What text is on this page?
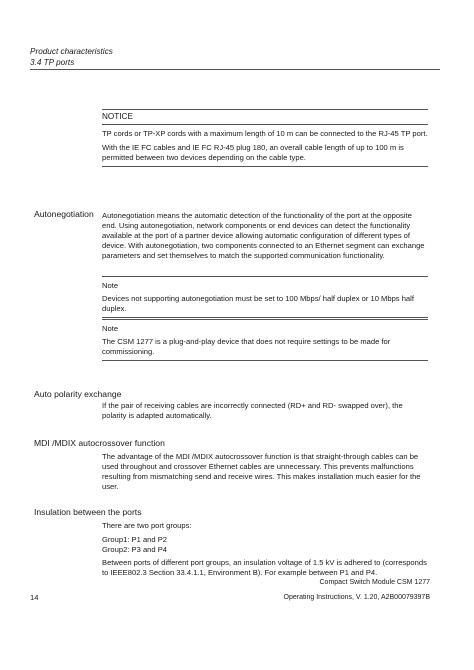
Product characteristics
3.4 TP ports
NOTICE

TP cords or TP-XP cords with a maximum length of 10 m can be connected to the RJ-45 TP port.

With the IE FC cables and IE FC RJ-45 plug 180, an overall cable length of up to 100 m is permitted between two devices depending on the cable type.

Autonegotiation Autonegotiation means the automatic detection of the functionality of the port at the opposite end. Using autonegotiation, network components or end devices can detect the functionality available at the port of a partner device allowing automatic configuration of different types of device. With autonegotiation, two components connected to an Ethernet segment can exchange parameters and set themselves to match the supported communication functionality.

Note

Devices not supporting autonegotiation must be set to 100 Mbps/ half duplex or 10 Mbps half duplex.

Note

The CSM 1277 is a plug-and-play device that does not require settings to be made for commissioning.

Auto polarity exchange

If the pair of receiving cables are incorrectly connected (RD+ and RD- swapped over), the polarity is adapted automatically.

MDI /MDIX autocrossover function

The advantage of the MDI /MDIX autocrossover function is that straight-through cables can be used throughout and crossover Ethernet cables are unnecessary. This prevents malfunctions resulting from mismatching send and receive wires. This makes installation much easier for the user.

Insulation between the ports

There are two port groups:

Group1: P1 and P2

Group2: P3 and P4

Between ports of different port groups, an insulation voltage of 1.5 kV is adhered to (corresponds to IEEE802.3 Section 33.4.1.1, Environment B). For example between P1 and P4.

14
Compact Switch Module CSM 1277
Operating Instructions, V. 1.20, A2B00079397B
